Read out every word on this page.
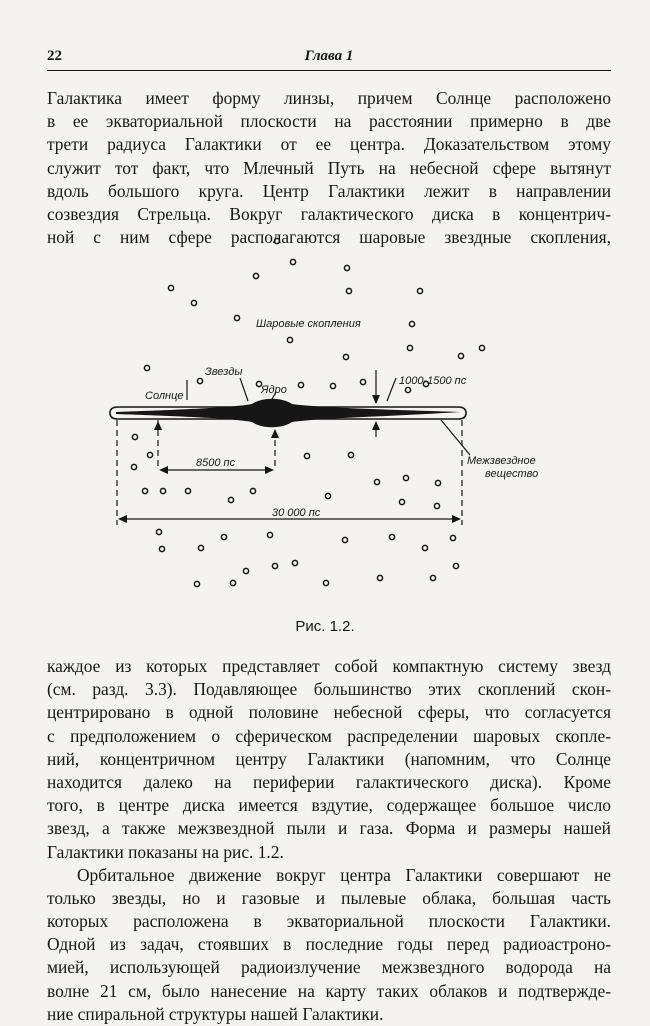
22	Глава 1
Галактика имеет форму линзы, причем Солнце расположено
в ее экваториальной плоскости на расстоянии примерно в две
трети радиуса Галактики от ее центра. Доказательством этому
служит тот факт, что Млечный Путь на небесной сфере вытянут
вдоль большого круга. Центр Галактики лежит в направлении
созвездия Стрельца. Вокруг галактического диска в концентрич-
ной с ним сфере располагаются шаровые звездные скопления,
Шаровые скопления
Звезды
Ядро
Солнце
1000-1500 пс
Межзвездное
вещество
8500 пс
30 000 пс
Рис. 1.2.
каждое из которых представляет собой компактную систему звезд
(см. разд. 3.3). Подавляющее большинство этих скоплений скон-
центрировано в одной половине небесной сферы, что согласуется
с предположением о сферическом распределении шаровых скопле-
ний, концентричном центру Галактики (напомним, что Солнце
находится далеко на периферии галактического диска). Кроме
того, в центре диска имеется вздутие, содержащее большое число
звезд, а также межзвездной пыли и газа. Форма и размеры нашей
Галактики показаны на рис. 1.2.
Орбитальное движение вокруг центра Галактики совершают не
только звезды, но и газовые и пылевые облака, большая часть
которых расположена в экваториальной плоскости Галактики.
Одной из задач, стоявших в последние годы перед радиоастроно-
мией, использующей радиоизлучение межзвездного водорода на
волне 21 см, было нанесение на карту таких облаков и подтвержде-
ние спиральной структуры нашей Галактики.
